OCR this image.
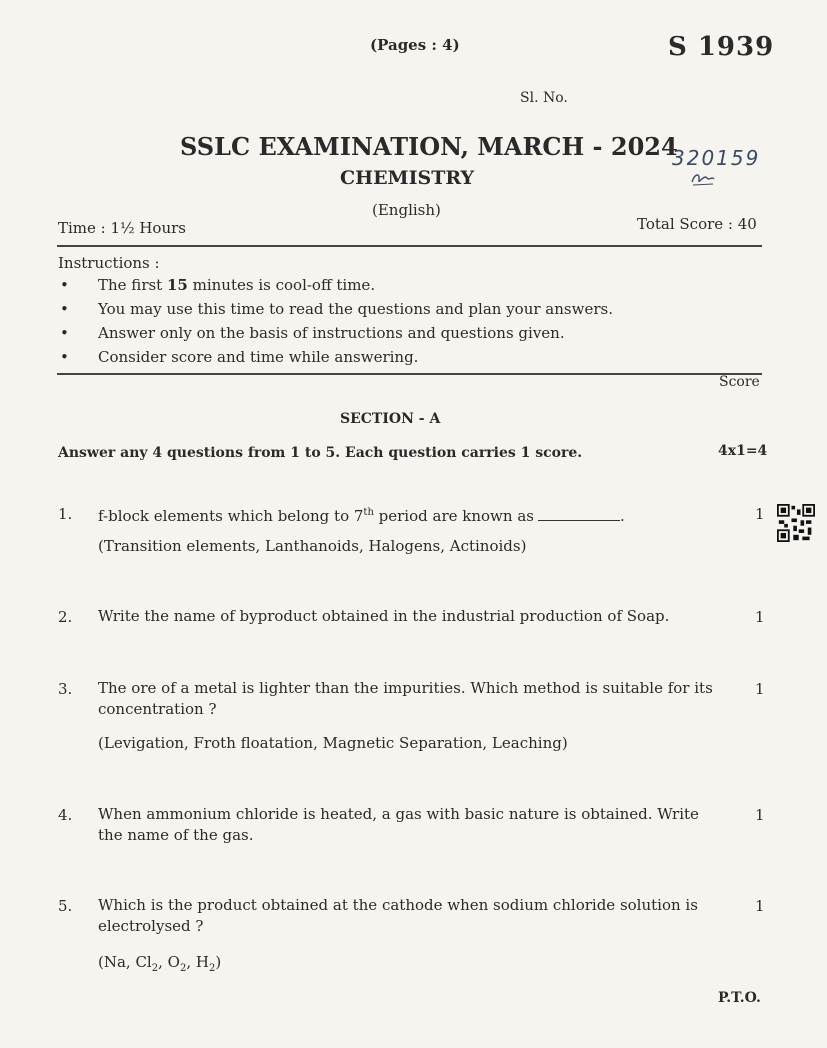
(Pages : 4)	S 1939
Sl. No.
320159
SSLC EXAMINATION, MARCH - 2024
CHEMISTRY
(English)
Time : 1½ Hours	Total Score : 40
Instructions :
• The first 15 minutes is cool-off time.
• You may use this time to read the questions and plan your answers.
• Answer only on the basis of instructions and questions given.
• Consider score and time while answering.
Score
SECTION - A
Answer any 4 questions from 1 to 5. Each question carries 1 score.	4x1=4
1. f-block elements which belong to 7th period are known as	.	1
(Transition elements, Lanthanoids, Halogens, Actinoids)
2. Write the name of byproduct obtained in the industrial production of Soap.	1
3. The ore of a metal is lighter than the impurities. Which method is suitable for its concentration ?
1
(Levigation, Froth floatation, Magnetic Separation, Leaching)
4. When ammonium chloride is heated, a gas with basic nature is obtained. Write the name of the gas.
1
5. Which is the product obtained at the cathode when sodium chloride solution is electrolysed ?
1
(Na, $Cl_2$, $O_2$, $H_2$)
P.T.O.
